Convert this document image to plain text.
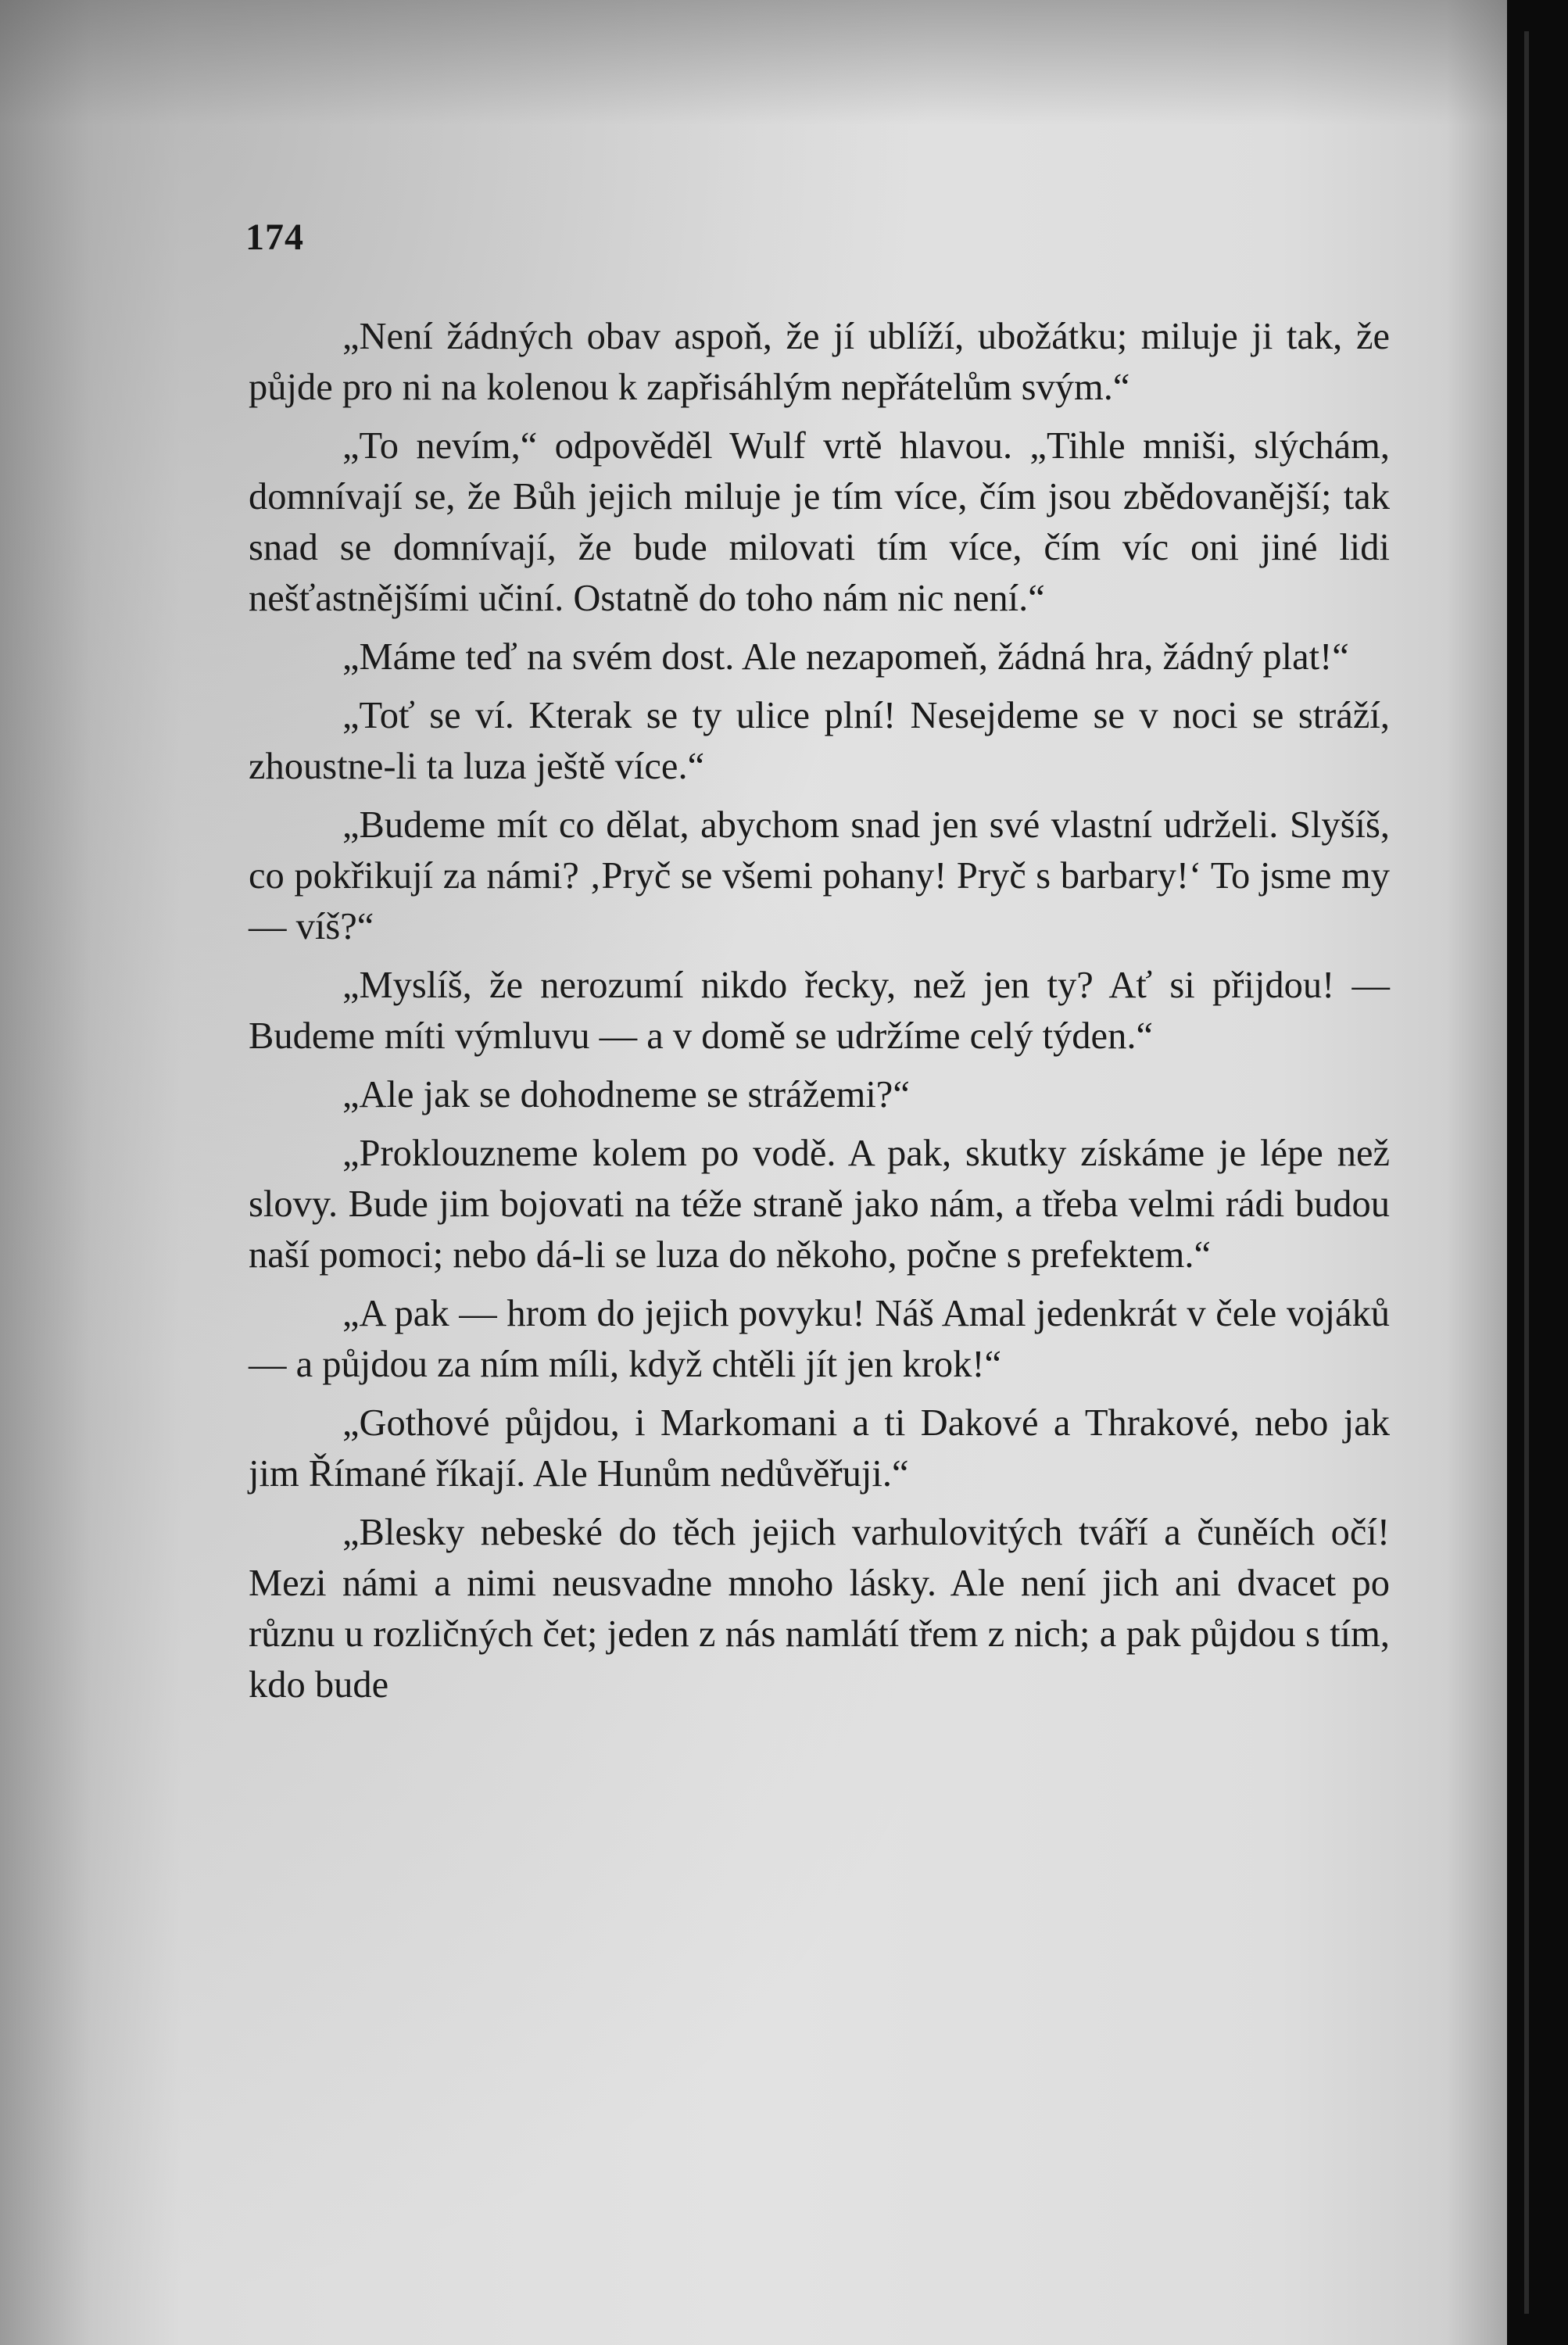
174

„Není žádných obav aspoň, že jí ublíží, ubožátku; miluje ji tak, že půjde pro ni na kolenou k zapřisáhlým nepřátelům svým.“

„To nevím,“ odpověděl Wulf vrtě hlavou. „Tihle mniši, slýchám, domnívají se, že Bůh jejich miluje je tím více, čím jsou zbědovanější; tak snad se domnívají, že bude milovati tím více, čím víc oni jiné lidi nešťastnějšími učiní. Ostatně do toho nám nic není.“

„Máme teď na svém dost. Ale nezapomeň, žádná hra, žádný plat!“

„Toť se ví. Kterak se ty ulice plní! Nesejdeme se v noci se stráží, zhoustne-li ta luza ještě více.“

„Budeme mít co dělat, abychom snad jen své vlastní udrželi. Slyšíš, co pokřikují za námi? ‚Pryč se všemi pohany! Pryč s barbary!‘ To jsme my — víš?“

„Myslíš, že nerozumí nikdo řecky, než jen ty? Ať si přijdou! — Budeme míti výmluvu — a v domě se udržíme celý týden.“

„Ale jak se dohodneme se strážemi?“

„Proklouzneme kolem po vodě. A pak, skutky získáme je lépe než slovy. Bude jim bojovati na téže straně jako nám, a třeba velmi rádi budou naší pomoci; nebo dá-li se luza do někoho, počne s prefektem.“

„A pak — hrom do jejich povyku! Náš Amal jedenkrát v čele vojáků — a půjdou za ním míli, když chtěli jít jen krok!“

„Gothové půjdou, i Markomani a ti Dakové a Thrakové, nebo jak jim Římané říkají. Ale Hunům nedůvěřuji.“

„Blesky nebeské do těch jejich varhulovitých tváří a čuněích očí! Mezi námi a nimi neusvadne mnoho lásky. Ale není jich ani dvacet po různu u rozličných čet; jeden z nás namlátí třem z nich; a pak půjdou s tím, kdo bude
